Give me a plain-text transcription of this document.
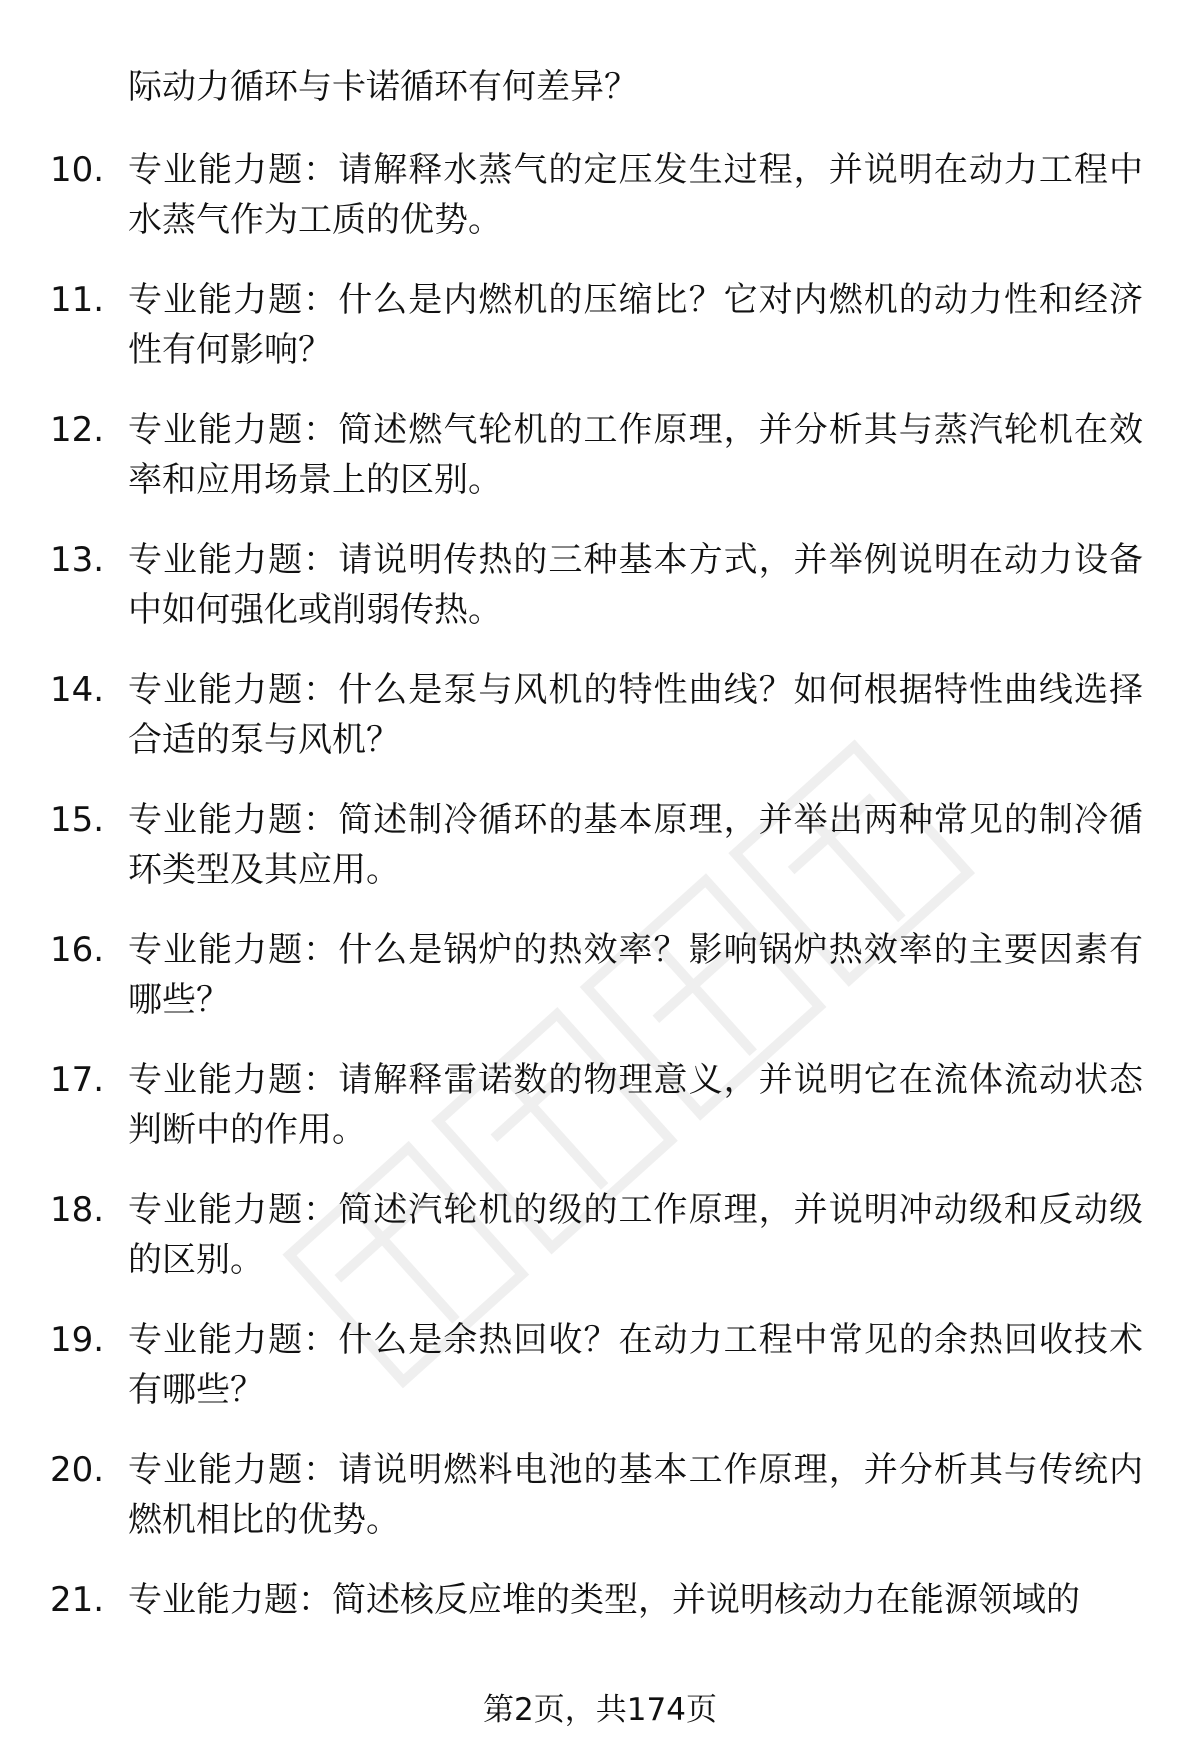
际动力循环与卡诺循环有何差异？

10. 专业能力题：请解释水蒸气的定压发生过程，并说明在动力工程中水蒸气作为工质的优势。
11. 专业能力题：什么是内燃机的压缩比？它对内燃机的动力性和经济性有何影响？
12. 专业能力题：简述燃气轮机的工作原理，并分析其与蒸汽轮机在效率和应用场景上的区别。
13. 专业能力题：请说明传热的三种基本方式，并举例说明在动力设备中如何强化或削弱传热。
14. 专业能力题：什么是泵与风机的特性曲线？如何根据特性曲线选择合适的泵与风机？
15. 专业能力题：简述制冷循环的基本原理，并举出两种常见的制冷循环类型及其应用。
16. 专业能力题：什么是锅炉的热效率？影响锅炉热效率的主要因素有哪些？
17. 专业能力题：请解释雷诺数的物理意义，并说明它在流体流动状态判断中的作用。
18. 专业能力题：简述汽轮机的级的工作原理，并说明冲动级和反动级的区别。
19. 专业能力题：什么是余热回收？在动力工程中常见的余热回收技术有哪些？
20. 专业能力题：请说明燃料电池的基本工作原理，并分析其与传统内燃机相比的优势。
21. 专业能力题：简述核反应堆的类型，并说明核动力在能源领域的
第2页，共174页
